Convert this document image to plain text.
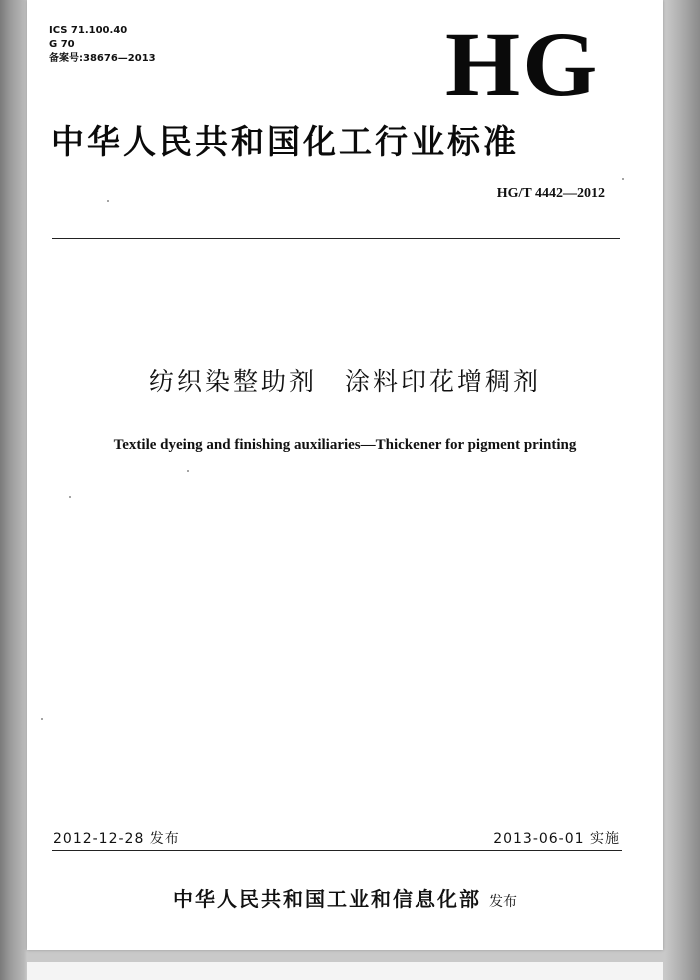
ICS 71.100.40
G 70
备案号:38676—2013	HG
中华人民共和国化工行业标准
HG/T 4442—2012
纺织染整助剂　涂料印花增稠剂
Textile dyeing and finishing auxiliaries—Thickener for pigment printing
2012-12-28 发布	2013-06-01 实施
中华人民共和国工业和信息化部 发布
